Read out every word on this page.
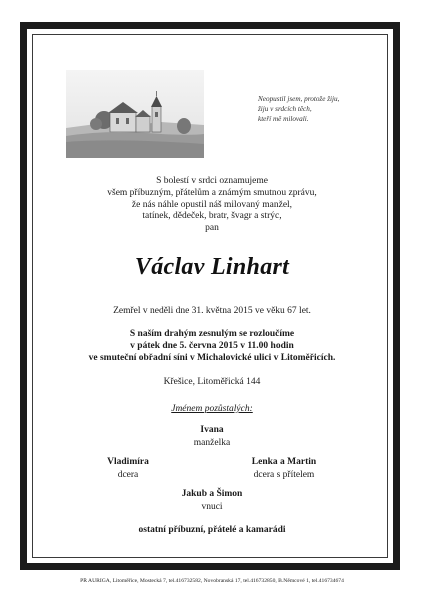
Neopustil jsem, protože žiju,
žiju v srdcích těch,
kteří mě milovali.
S bolestí v srdci oznamujeme
všem příbuzným, přátelům a známým smutnou zprávu,
že nás náhle opustil náš milovaný manžel,
tatínek, dědeček, bratr, švagr a strýc,
pan
Václav Linhart
Zemřel v neděli dne 31. května 2015 ve věku 67 let.
S naším drahým zesnulým se rozloučíme
v pátek dne 5. června 2015 v 11.00 hodin
ve smuteční obřadní síni v Michalovické ulici v Litoměřicích.
Křešice, Litoměřická 144
Jménem pozůstalých:
Ivana
manželka
Vladimíra
dcera
Lenka a Martin
dcera s přítelem
Jakub a Šimon
vnuci
ostatní příbuzní, přátelé a kamarádi
PŘ AURIGA, Litoměřice, Mostecká 7, tel.416732582, Novobranská 17, tel.416732850, B.Němcové 1, tel.416734674
